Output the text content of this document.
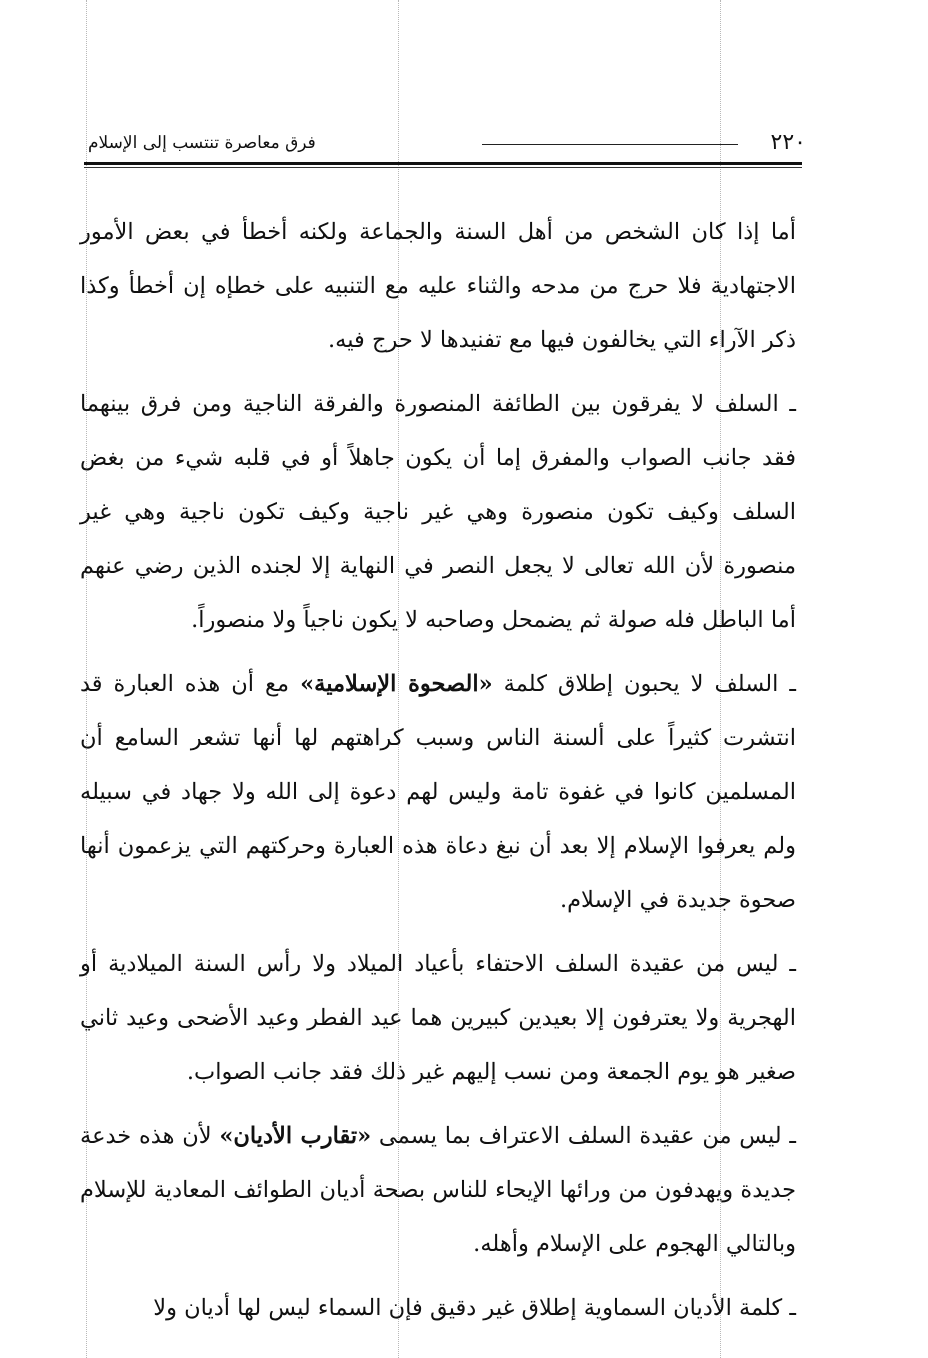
٢٢٠
فرق معاصرة تنتسب إلى الإسلام

أما إذا كان الشخص من أهل السنة والجماعة ولكنه أخطأ في بعض الأمور الاجتهادية فلا حرج من مدحه والثناء عليه مع التنبيه على خطإه إن أخطأ وكذا ذكر الآراء التي يخالفون فيها مع تفنيدها لا حرج فيه.

ـ السلف لا يفرقون بين الطائفة المنصورة والفرقة الناجية ومن فرق بينهما فقد جانب الصواب والمفرق إما أن يكون جاهلاً أو في قلبه شيء من بغض السلف وكيف تكون منصورة وهي غير ناجية وكيف تكون ناجية وهي غير منصورة لأن الله تعالى لا يجعل النصر في النهاية إلا لجنده الذين رضي عنهم أما الباطل فله صولة ثم يضمحل وصاحبه لا يكون ناجياً ولا منصوراً.

ـ السلف لا يحبون إطلاق كلمة «الصحوة الإسلامية» مع أن هذه العبارة قد انتشرت كثيراً على ألسنة الناس وسبب كراهتهم لها أنها تشعر السامع أن المسلمين كانوا في غفوة تامة وليس لهم دعوة إلى الله ولا جهاد في سبيله ولم يعرفوا الإسلام إلا بعد أن نبغ دعاة هذه العبارة وحركتهم التي يزعمون أنها صحوة جديدة في الإسلام.

ـ ليس من عقيدة السلف الاحتفاء بأعياد الميلاد ولا رأس السنة الميلادية أو الهجرية ولا يعترفون إلا بعيدين كبيرين هما عيد الفطر وعيد الأضحى وعيد ثاني صغير هو يوم الجمعة ومن نسب إليهم غير ذلك فقد جانب الصواب.

ـ ليس من عقيدة السلف الاعتراف بما يسمى «تقارب الأديان» لأن هذه خدعة جديدة ويهدفون من ورائها الإيحاء للناس بصحة أديان الطوائف المعادية للإسلام وبالتالي الهجوم على الإسلام وأهله.

ـ كلمة الأديان السماوية إطلاق غير دقيق فإن السماء ليس لها أديان ولا
